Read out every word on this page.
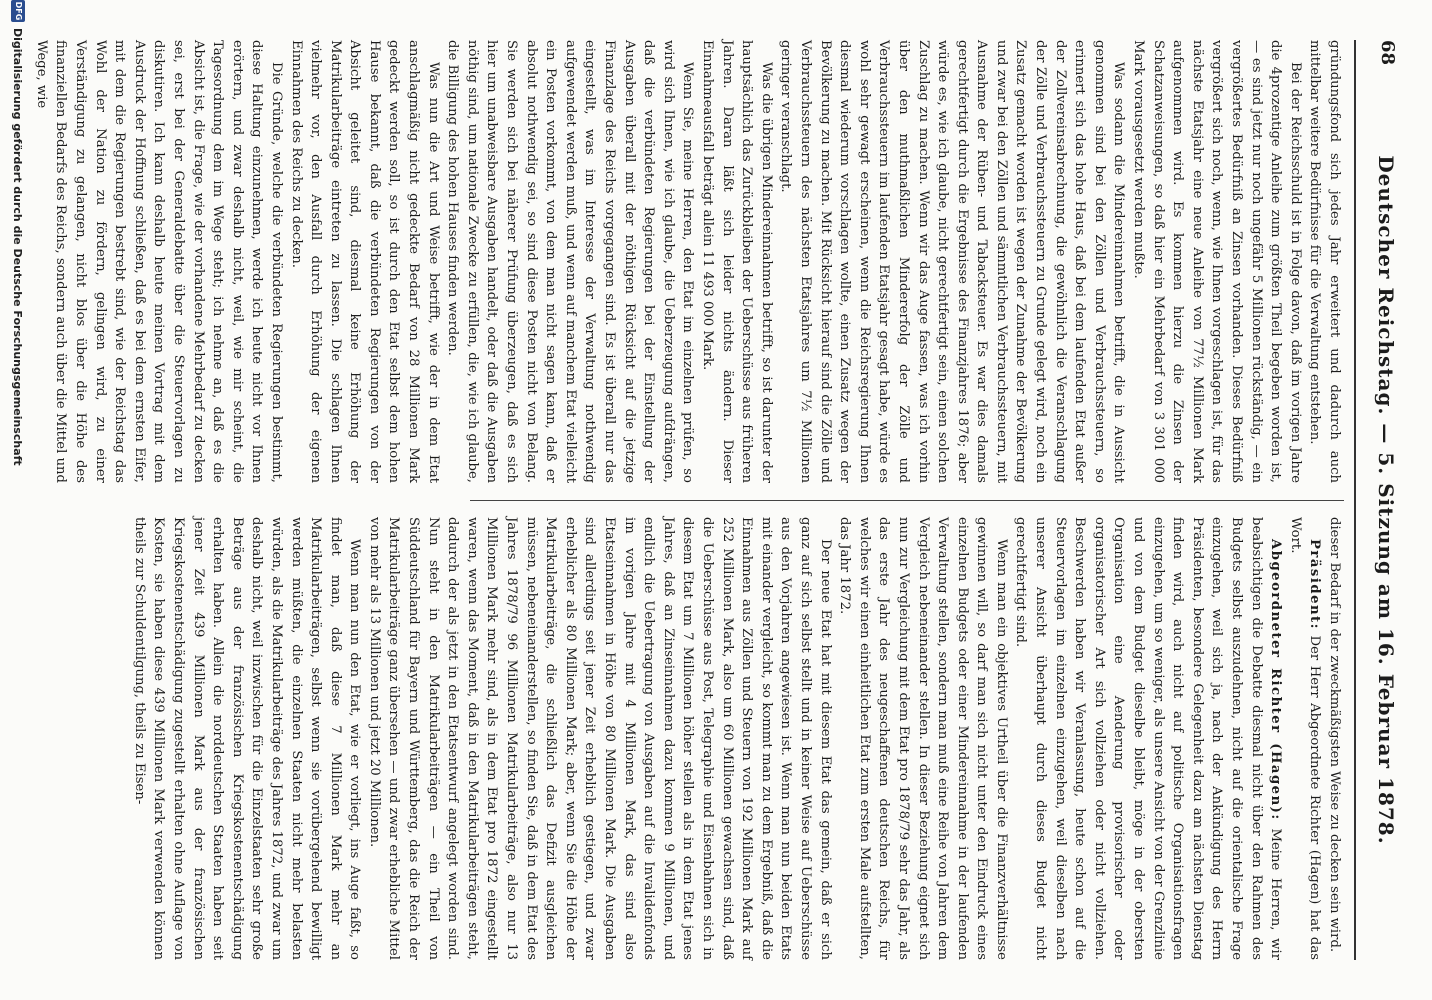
68
Deutscher Reichstag. — 5. Sitzung am 16. Februar 1878.

gründungsfond sich jedes Jahr erweitert und dadurch auch mittelbar weitere Bedürfnisse für die Verwaltung entstehen.

Bei der Reichsschuld ist in Folge davon, daß im vorigen Jahre die 4prozentige Anleihe zum größten Theil begeben worden ist, — es sind jetzt nur noch ungefähr 5 Millionen rückständig, — ein vergrößertes Bedürfniß an Zinsen vorhanden. Dieses Bedürfniß vergrößert sich noch, wenn, wie Ihnen vorgeschlagen ist, für das nächste Etatsjahr eine neue Anleihe von 77½ Millionen Mark aufgenommen wird. Es kommen hierzu die Zinsen der Schatzanweisungen, so daß hier ein Mehrbedarf von 3 301 000 Mark vorausgesetzt werden mußte.

Was sodann die Mindereinnahmen betrifft, die in Aussicht genommen sind bei den Zöllen und Verbrauchssteuern, so erinnert sich das hohe Haus, daß bei dem laufenden Etat außer der Zollvereinsabrechnung, die gewöhnlich die Veranschlagung der Zölle und Verbrauchssteuern zu Grunde gelegt wird, noch ein Zusatz gemacht worden ist wegen der Zunahme der Bevölkerung und zwar bei den Zöllen und sämmtlichen Verbrauchssteuern, mit Ausnahme der Rüben- und Tabacksteuer. Es war dies damals gerechtfertigt durch die Ergebnisse des Finanzjahres 1876; aber würde es, wie ich glaube, nicht gerechtfertigt sein, einen solchen Zuschlag zu machen. Wenn wir das Auge fassen, was ich vorhin über den muthmaßlichen Mindererfolg der Zölle und Verbrauchssteuern im laufenden Etatsjahr gesagt habe, würde es wohl sehr gewagt erscheinen, wenn die Reichsregierung Ihnen diesmal wiederum vorschlagen wollte, einen Zusatz wegen der Bevölkerung zu machen. Mit Rücksicht hierauf sind die Zölle und Verbrauchssteuern des nächsten Etatsjahres um 7½ Millionen geringer veranschlagt.

Was die übrigen Mindereinnahmen betrifft, so ist darunter der hauptsächlich das Zurückbleiben der Ueberschüsse aus früheren Jahren. Daran läßt sich leider nichts ändern. Dieser Einnahmeausfall beträgt allein 11 493 000 Mark.

Wenn Sie, meine Herren, den Etat im einzelnen prüfen, so wird sich Ihnen, wie ich glaube, die Ueberzeugung aufdrängen, daß die verbündeten Regierungen bei der Einstellung der Ausgaben überall mit der nöthigen Rücksicht auf die jetzige Finanzlage des Reichs vorgegangen sind. Es ist überall nur das eingestellt, was im Interesse der Verwaltung nothwendig aufgewendet werden muß, und wenn auf manchem Etat vielleicht ein Posten vorkommt, von dem man nicht sagen kann, daß er absolut nothwendig sei, so sind diese Posten nicht von Belang. Sie werden sich bei näherer Prüfung überzeugen, daß es sich hier um unabweisbare Ausgaben handelt, oder daß die Ausgaben nöthig sind, um nationale Zwecke zu erfüllen, die, wie ich glaube, die Billigung des hohen Hauses finden werden.

Was nun die Art und Weise betrifft, wie der in dem Etat anschlagmäßig nicht gedeckte Bedarf von 28 Millionen Mark gedeckt werden soll, so ist durch den Etat selbst dem hohen Hause bekannt, daß die verbündeten Regierungen von der Absicht geleitet sind, diesmal keine Erhöhung der Matrikularbeiträge eintreten zu lassen. Die schlagen Ihnen vielmehr vor, den Ausfall durch Erhöhung der eigenen Einnahmen des Reichs zu decken.

Die Gründe, welche die verbündeten Regierungen bestimmt, diese Haltung einzunehmen, werde ich heute nicht vor Ihnen erörtern, und zwar deshalb nicht, weil, wie mir scheint, die Tagesordnung dem im Wege steht; ich nehme an, daß es die Absicht ist, die Frage, wie der vorhandene Mehrbedarf zu decken sei, erst bei der Generaldebatte über die Steuervorlagen zu diskutiren. Ich kann deshalb heute meinen Vortrag mit dem Ausdruck der Hoffnung schließen, daß es bei dem ernsten Eifer, mit dem die Regierungen bestrebt sind, wie der Reichstag das Wohl der Nation zu fördern, gelingen wird, zu einer Verständigung zu gelangen, nicht blos über die Höhe des finanziellen Bedarfs des Reichs, sondern auch über die Mittel und Wege, wie

dieser Bedarf in der zweckmäßigsten Weise zu decken sein wird.

Präsident: Der Herr Abgeordnete Richter (Hagen) hat das Wort.

Abgeordneter Richter (Hagen): Meine Herren, wir beabsichtigen die Debatte diesmal nicht über den Rahmen des Budgets selbst auszudehnen, nicht auf die orientalische Frage einzugehen, weil sich ja, nach der Ankündigung des Herrn Präsidenten, besondere Gelegenheit dazu am nächsten Dienstag finden wird, auch nicht auf politische Organisationsfragen einzugehen, um so weniger, als unsere Ansicht von der Grenzlinie und von dem Budget dieselbe bleibt, möge in der obersten Organisation eine Aenderung provisorischer oder organisatorischer Art sich vollziehen oder nicht vollziehen. Beschwerden haben wir Veranlassung, heute schon auf die Steuervorlagen im einzelnen einzugehen, weil dieselben nach unserer Ansicht überhaupt durch dieses Budget nicht gerechtfertigt sind.

Wenn man ein objektives Urtheil über die Finanzverhältnisse gewinnen will, so darf man sich nicht unter den Eindruck eines einzelnen Budgets oder einer Mindereinnahme in der laufenden Verwaltung stellen, sondern man muß eine Reihe von Jahren dem Vergleich nebeneinander stellen. In dieser Beziehung eignet sich nun zur Vergleichung mit dem Etat pro 1878/79 sehr das Jahr, als das erste Jahr des neugeschaffenen deutschen Reichs, für welches wir einen einheitlichen Etat zum ersten Male aufstellten, das Jahr 1872.

Der neue Etat hat mit diesem Etat das gemein, daß er sich ganz auf sich selbst stellt und in keiner Weise auf Ueberschüsse aus den Vorjahren angewiesen ist. Wenn man nun beiden Etats mit einander vergleicht, so kommt man zu dem Ergebniß, daß die Einnahmen aus Zöllen und Steuern von 192 Millionen Mark auf 252 Millionen Mark, also um 60 Millionen gewachsen sind, daß die Ueberschüsse aus Post, Telegraphie und Eisenbahnen sich in diesem Etat um 7 Millionen höher stellen als in dem Etat jenes Jahres, daß an Zinseinnahmen dazu kommen 9 Millionen, und endlich die Uebertragung von Ausgaben auf die Invalidenfonds im vorigen Jahre mit 4 Millionen Mark, das sind also Etatseinnahmen in Höhe von 80 Millionen Mark. Die Ausgaben sind allerdings seit jener Zeit erheblich gestiegen, und zwar erheblicher als 80 Millionen Mark; aber, wenn Sie die Höhe der Matrikularbeiträge, die schließlich das Defizit ausgleichen müssen, nebeneinanderstellen, so finden Sie, daß in dem Etat des Jahres 1878/79 96 Millionen Matrikularbeiträge, also nur 13 Millionen Mark mehr sind, als in dem Etat pro 1872 eingestellt waren, wenn das Moment, daß in den Matrikularbeiträgen steht, dadurch der als jetzt in den Etatsentwurf angelegt worden sind. Nun steht in den Matrikularbeiträgen — ein Theil von Süddeutschland für Bayern und Württemberg, das die Reich der Matrikularbeiträge ganz übersehen — und zwar erhebliche Mittel von mehr als 13 Millionen und jetzt 20 Millionen.

Wenn man nun den Etat, wie er vorliegt, ins Auge faßt, so findet man, daß diese 7 Millionen Mark mehr an Matrikularbeiträgen, selbst wenn sie vorübergehend bewilligt werden müßten, die einzelnen Staaten nicht mehr belasten würden, als die Matrikularbeiträge des Jahres 1872, und zwar um deshalb nicht, weil inzwischen für die Einzelstaaten sehr große Beträge aus der französischen Kriegskostenentschädigung erhalten haben. Allein die norddeutschen Staaten haben seit jener Zeit 439 Millionen Mark aus der französischen Kriegskostenentschädigung zugestellt erhalten ohne Auflage von Kosten, sie haben diese 439 Millionen Mark verwenden können theils zur Schuldentilgung, theils zu Eisen-

DFG
Digitalisierung gefördert durch die Deutsche Forschungsgemeinschaft
